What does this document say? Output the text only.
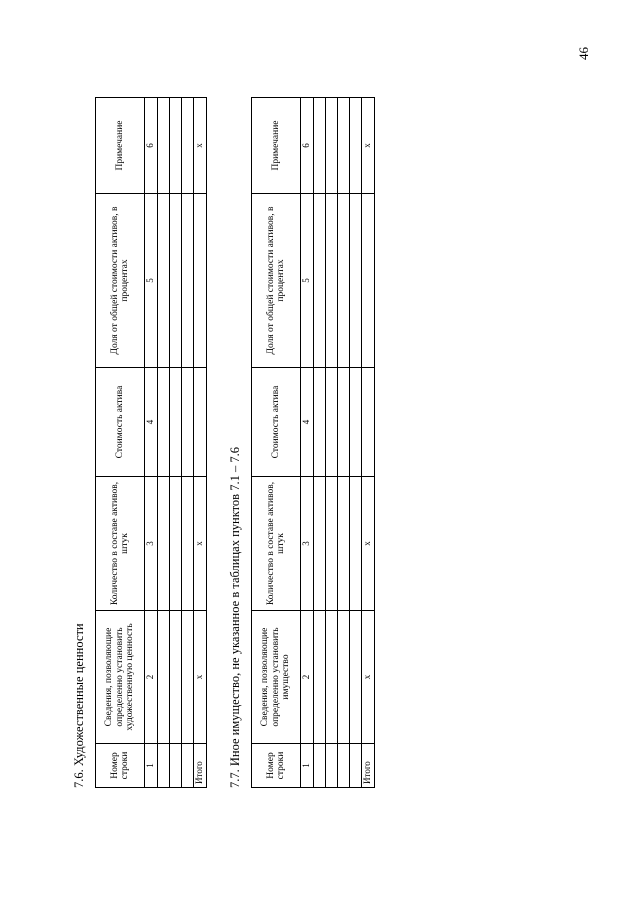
46
7.6. Художественные ценности Номер строки	Сведения, позволяющие определенно установить художественную ценность	Количество в составе активов, штук	Стоимость актива	Доля от общей стоимости активов, в процентах	Примечание
1	2	3	4	5	6

Итого	x	x			x
7.7. Иное имущество, не указанное в таблицах пунктов 7.1 – 7.6 Номер строки	Сведения, позволяющие определенно установить имущество	Количество в составе активов, штук	Стоимость актива	Доля от общей стоимости активов, в процентах	Примечание
1	2	3	4	5	6

Итого	x	x			x
